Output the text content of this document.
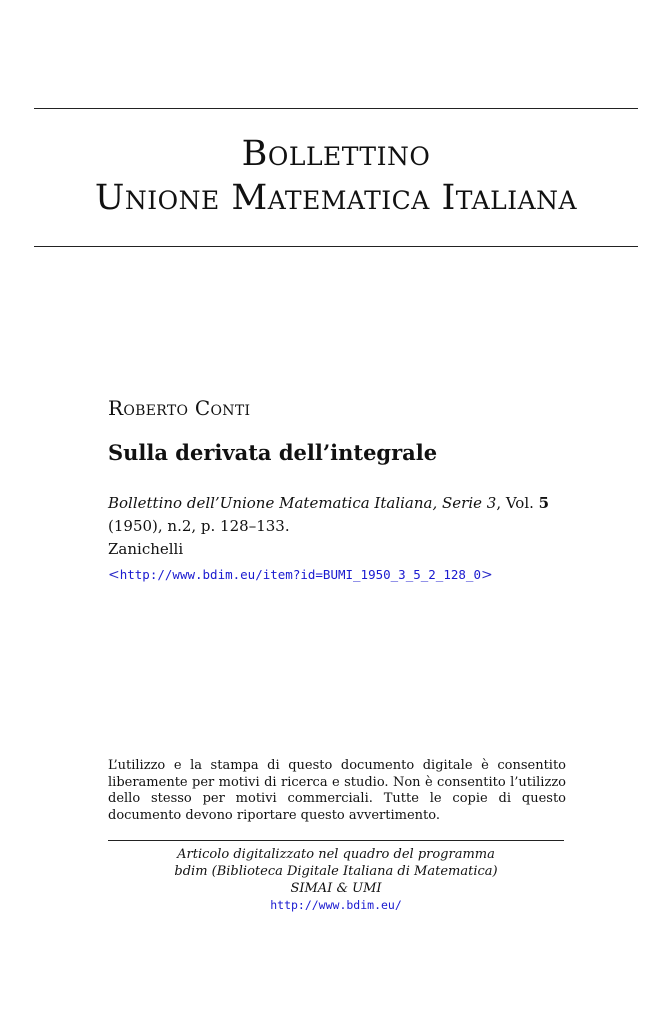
Bollettino
Unione Matematica Italiana
Roberto Conti
Sulla derivata dell’integrale
Bollettino dell’Unione Matematica Italiana, Serie 3, Vol. 5
(1950), n.2, p. 128–133.
Zanichelli
<http://www.bdim.eu/item?id=BUMI_1950_3_5_2_128_0>
L’utilizzo e la stampa di questo documento digitale è consentito liberamente per motivi di ricerca e studio. Non è consentito l’utilizzo dello stesso per motivi commerciali. Tutte le copie di questo documento devono riportare questo avvertimento.
Articolo digitalizzato nel quadro del programma
bdim (Biblioteca Digitale Italiana di Matematica)
SIMAI & UMI
http://www.bdim.eu/
